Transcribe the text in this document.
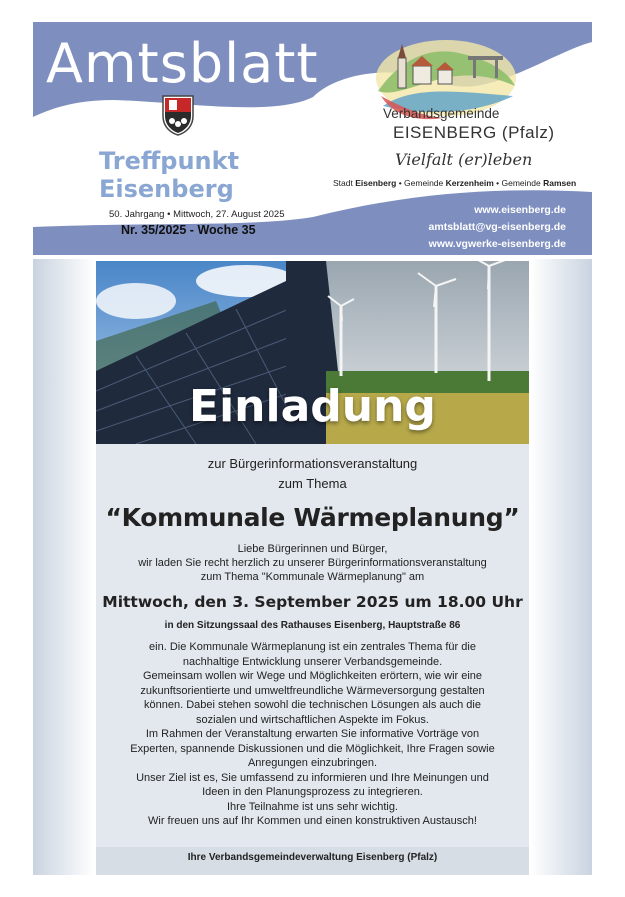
Amtsblatt
Treffpunkt
Eisenberg
50. Jahrgang • Mittwoch, 27. August 2025
Nr. 35/2025 - Woche 35
Verbandsgemeinde
EISENBERG (Pfalz)
Vielfalt (er)leben
Stadt Eisenberg • Gemeinde Kerzenheim • Gemeinde Ramsen
www.eisenberg.de
amtsblatt@vg-eisenberg.de
www.vgwerke-eisenberg.de
Einladung
zur Bürgerinformationsveranstaltung
zum Thema
“Kommunale Wärmeplanung”
Liebe Bürgerinnen und Bürger,
wir laden Sie recht herzlich zu unserer Bürgerinformationsveranstaltung
zum Thema "Kommunale Wärmeplanung" am
Mittwoch, den 3. September 2025 um 18.00 Uhr
in den Sitzungssaal des Rathauses Eisenberg, Hauptstraße 86
ein. Die Kommunale Wärmeplanung ist ein zentrales Thema für die
nachhaltige Entwicklung unserer Verbandsgemeinde.
Gemeinsam wollen wir Wege und Möglichkeiten erörtern, wie wir eine
zukunftsorientierte und umweltfreundliche Wärmeversorgung gestalten
können. Dabei stehen sowohl die technischen Lösungen als auch die
sozialen und wirtschaftlichen Aspekte im Fokus.
Im Rahmen der Veranstaltung erwarten Sie informative Vorträge von
Experten, spannende Diskussionen und die Möglichkeit, Ihre Fragen sowie
Anregungen einzubringen.
Unser Ziel ist es, Sie umfassend zu informieren und Ihre Meinungen und
Ideen in den Planungsprozess zu integrieren.
Ihre Teilnahme ist uns sehr wichtig.
Wir freuen uns auf Ihr Kommen und einen konstruktiven Austausch!
Ihre Verbandsgemeindeverwaltung Eisenberg (Pfalz)
